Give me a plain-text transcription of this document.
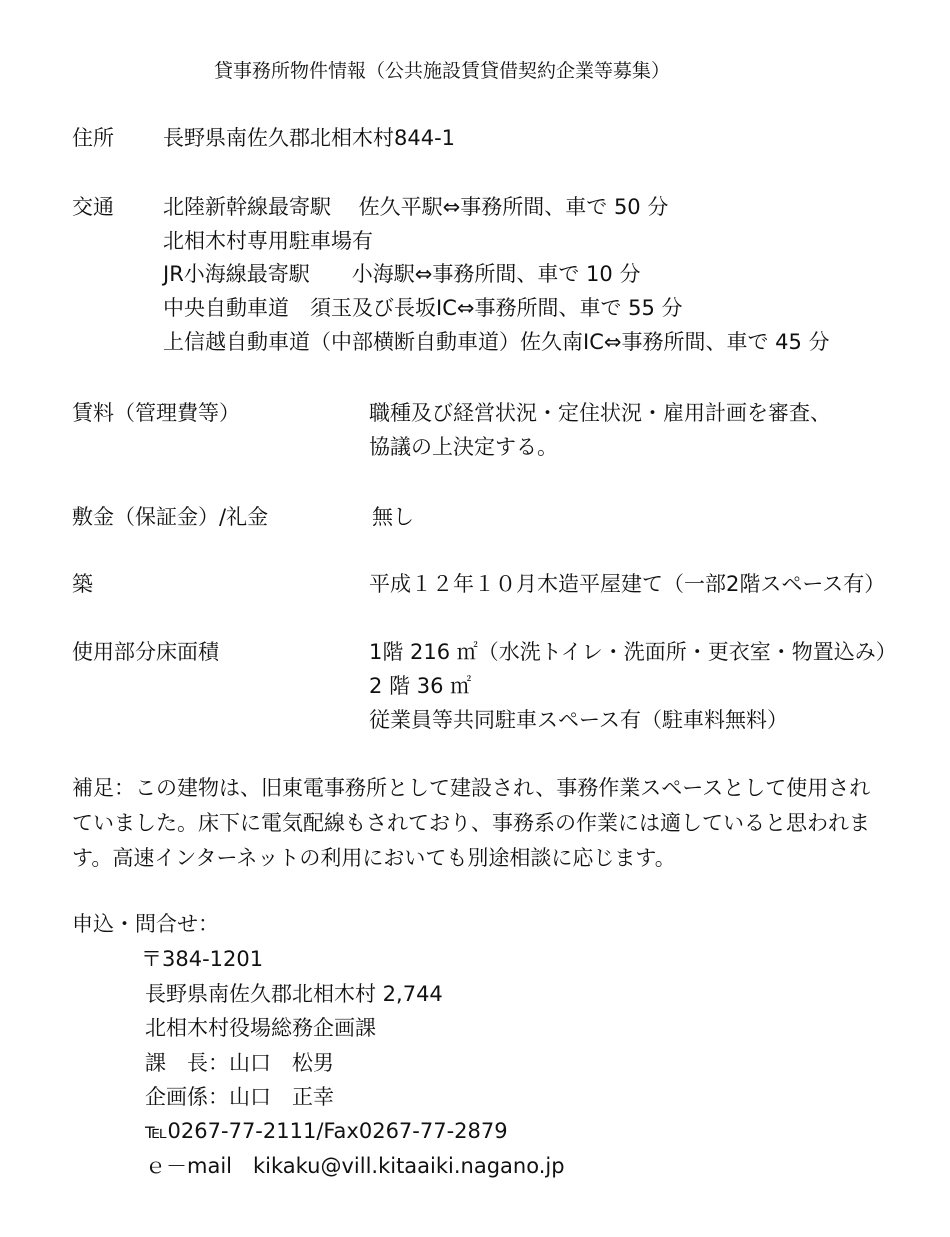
貸事務所物件情報（公共施設賃貸借契約企業等募集）
住所 長野県南佐久郡北相木村844-1
交通 北陸新幹線最寄駅　 佐久平駅⇔事務所間、車で 50 分
北相木村専用駐車場有
JR小海線最寄駅　　小海駅⇔事務所間、車で 10 分
中央自動車道　須玉及び長坂IC⇔事務所間、車で 55 分
上信越自動車道（中部横断自動車道）佐久南IC⇔事務所間、車で 45 分
賃料（管理費等）	職種及び経営状況・定住状況・雇用計画を審査、
協議の上決定する。
敷金（保証金）/礼金	無し
築	平成１２年１０月木造平屋建て（一部2階スペース有）
使用部分床面積	1階 216 ㎡（水洗トイレ・洗面所・更衣室・物置込み）
2 階 36 ㎡
従業員等共同駐車スペース有（駐車料無料）
補足：この建物は、旧東電事務所として建設され、事務作業スペースとして使用され
ていました。床下に電気配線もされており、事務系の作業には適していると思われま
す。高速インターネットの利用においても別途相談に応じます。
申込・問合せ：
〒384-1201
長野県南佐久郡北相木村 2,744
北相木村役場総務企画課
課　長：山口　松男
企画係：山口　正幸
℡0267-77-2111/Fax0267-77-2879
ｅ－mail　kikaku@vill.kitaaiki.nagano.jp
